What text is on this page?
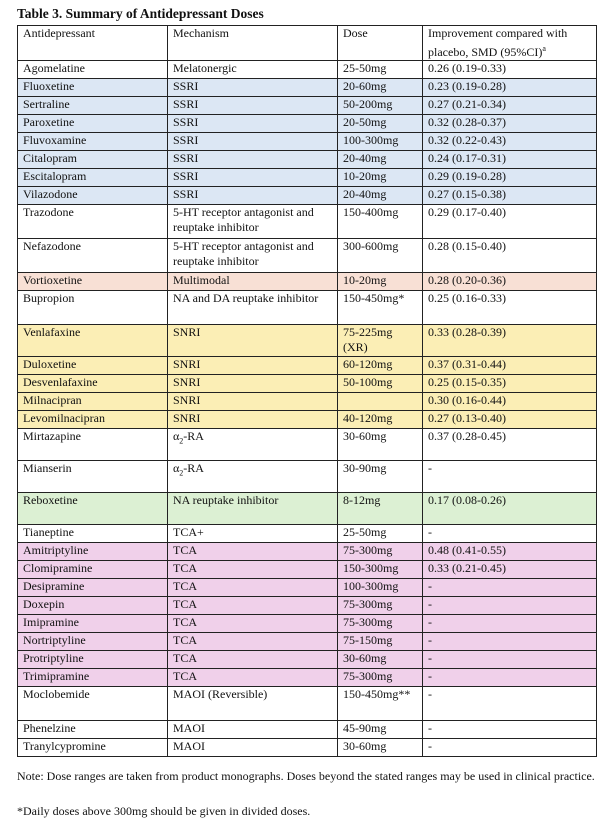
Table 3. Summary of Antidepressant Doses
Antidepressant	Mechanism	Dose	Improvement compared with placebo, SMD $(95\%CI)^a$
Agomelatine	Melatonergic	25-50mg	0.26 (0.19-0.33)
Fluoxetine	SSRI	20-60mg	0.23 (0.19-0.28)
Sertraline	SSRI	50-200mg	0.27 (0.21-0.34)
Paroxetine	SSRI	20-50mg	0.32 (0.28-0.37)
Fluvoxamine	SSRI	100-300mg	0.32 (0.22-0.43)
Citalopram	SSRI	20-40mg	0.24 (0.17-0.31)
Escitalopram	SSRI	10-20mg	0.29 (0.19-0.28)
Vilazodone	SSRI	20-40mg	0.27 (0.15-0.38)
Trazodone	5-HT receptor antagonist and reuptake inhibitor	150-400mg	0.29 (0.17-0.40)
Nefazodone	5-HT receptor antagonist and reuptake inhibitor	300-600mg	0.28 (0.15-0.40)
Vortioxetine	Multimodal	10-20mg	0.28 (0.20-0.36)
Bupropion	NA and DA reuptake inhibitor	150-450mg*	0.25 (0.16-0.33)
Venlafaxine	SNRI	75-225mg (XR)	0.33 (0.28-0.39)
Duloxetine	SNRI	60-120mg	0.37 (0.31-0.44)
Desvenlafaxine	SNRI	50-100mg	0.25 (0.15-0.35)
Milnacipran	SNRI		0.30 (0.16-0.44)
Levomilnacipran	SNRI	40-120mg	0.27 (0.13-0.40)
Mirtazapine	$\alpha_2-RA$	30-60mg	0.37 (0.28-0.45)
Mianserin	$\alpha_2-RA$	30-90mg	-
Reboxetine	NA reuptake inhibitor	8-12mg	0.17 (0.08-0.26)
Tianeptine	TCA+	25-50mg	-
Amitriptyline	TCA	75-300mg	0.48 (0.41-0.55)
Clomipramine	TCA	150-300mg	0.33 (0.21-0.45)
Desipramine	TCA	100-300mg	-
Doxepin	TCA	75-300mg	-
Imipramine	TCA	75-300mg	-
Nortriptyline	TCA	75-150mg	-
Protriptyline	TCA	30-60mg	-
Trimipramine	TCA	75-300mg	-
Moclobemide	MAOI (Reversible)	150-450mg**	-
Phenelzine	MAOI	45-90mg	-
Tranylcypromine	MAOI	30-60mg	-
Note: Dose ranges are taken from product monographs. Doses beyond the stated ranges may be used in clinical practice.
*Daily doses above 300mg should be given in divided doses.
